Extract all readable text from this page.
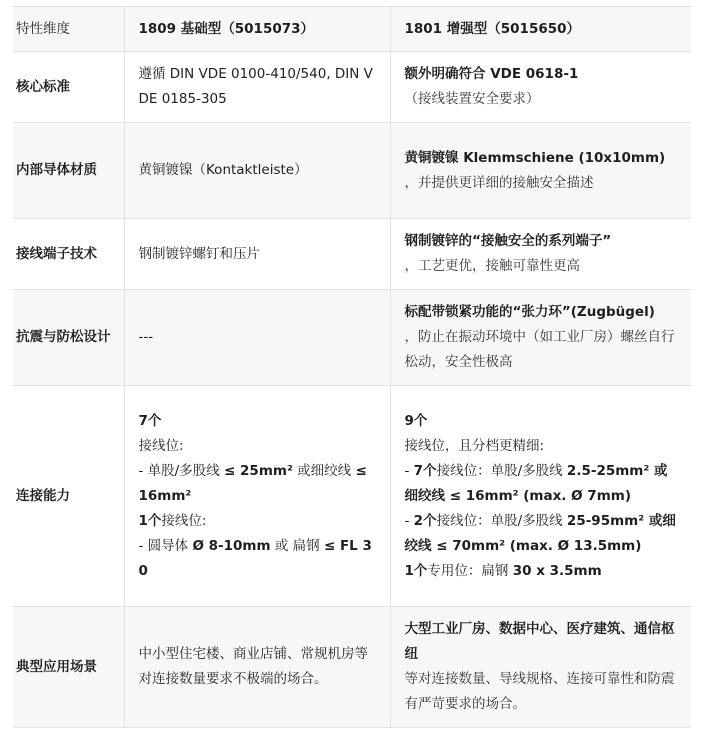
特性维度	1809 基础型（5015073）	1801 增强型（5015650）
核心标准	遵循 DIN VDE 0100-410/540, DIN VDE 0185-305	额外明确符合 VDE 0618-1
（接线装置安全要求）

内部导体材质	黄铜镀镍（Kontaktleiste）	黄铜镀镍 Klemmschiene (10x10mm)
，并提供更详细的接触安全描述

接线端子技术	钢制镀锌螺钉和压片	钢制镀锌的“接触安全的系列端子”
，工艺更优，接触可靠性更高

抗震与防松设计	---	标配带锁紧功能的“张力环”(Zugbügel)
，防止在振动环境中（如工业厂房）螺丝自行松动，安全性极高

连接能力	7个
接线位:
- 单股/多股线 ≤ 25mm² 或细绞线 ≤ 16mm²
1个接线位:
- 圆导体 Ø 8-10mm 或 扁钢 ≤ FL 30	9个
接线位，且分档更精细:
- 7个接线位：单股/多股线 2.5-25mm² 或细绞线 ≤ 16mm² (max. Ø 7mm)
- 2个接线位：单股/多股线 25-95mm² 或细绞线 ≤ 70mm² (max. Ø 13.5mm)
1个专用位：扁钢 30 x 3.5mm

典型应用场景	中小型住宅楼、商业店铺、常规机房等对连接数量要求不极端的场合。	大型工业厂房、数据中心、医疗建筑、通信枢纽
等对连接数量、导线规格、连接可靠性和防震有严苛要求的场合。
